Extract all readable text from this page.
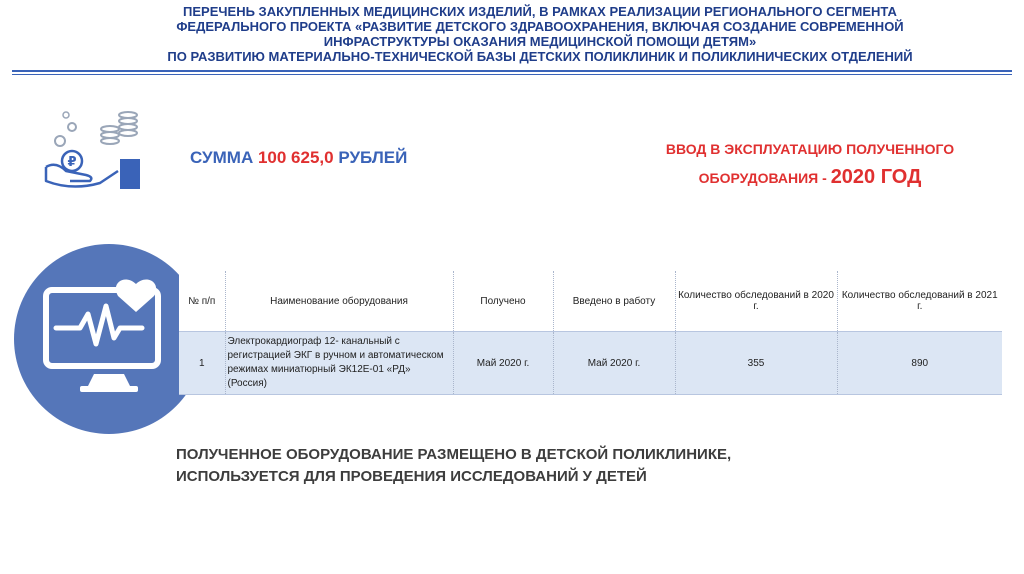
ПЕРЕЧЕНЬ ЗАКУПЛЕННЫХ МЕДИЦИНСКИХ ИЗДЕЛИЙ, В РАМКАХ РЕАЛИЗАЦИИ РЕГИОНАЛЬНОГО СЕГМЕНТА
ФЕДЕРАЛЬНОГО ПРОЕКТА «РАЗВИТИЕ ДЕТСКОГО ЗДРАВООХРАНЕНИЯ, ВКЛЮЧАЯ СОЗДАНИЕ СОВРЕМЕННОЙ
ИНФРАСТРУКТУРЫ ОКАЗАНИЯ МЕДИЦИНСКОЙ ПОМОЩИ ДЕТЯМ»
ПО РАЗВИТИЮ МАТЕРИАЛЬНО-ТЕХНИЧЕСКОЙ БАЗЫ ДЕТСКИХ ПОЛИКЛИНИК И ПОЛИКЛИНИЧЕСКИХ ОТДЕЛЕНИЙ
₽	СУММА 100 625,0 РУБЛЕЙ	ВВОД В ЭКСПЛУАТАЦИЮ ПОЛУЧЕННОГО
ОБОРУДОВАНИЯ - 2020 ГОД
№ п/п	Наименование оборудования	Получено	Введено в работу	Количество обследований в 2020 г.	Количество обследований в 2021 г.
1	Электрокардиограф 12- канальный с регистрацией ЭКГ в ручном и автоматическом режимах миниатюрный ЭК12Е-01 «РД» (Россия)	Май 2020 г.	Май 2020 г.	355	890
ПОЛУЧЕННОЕ ОБОРУДОВАНИЕ РАЗМЕЩЕНО В ДЕТСКОЙ ПОЛИКЛИНИКЕ,
ИСПОЛЬЗУЕТСЯ ДЛЯ ПРОВЕДЕНИЯ ИССЛЕДОВАНИЙ У ДЕТЕЙ
